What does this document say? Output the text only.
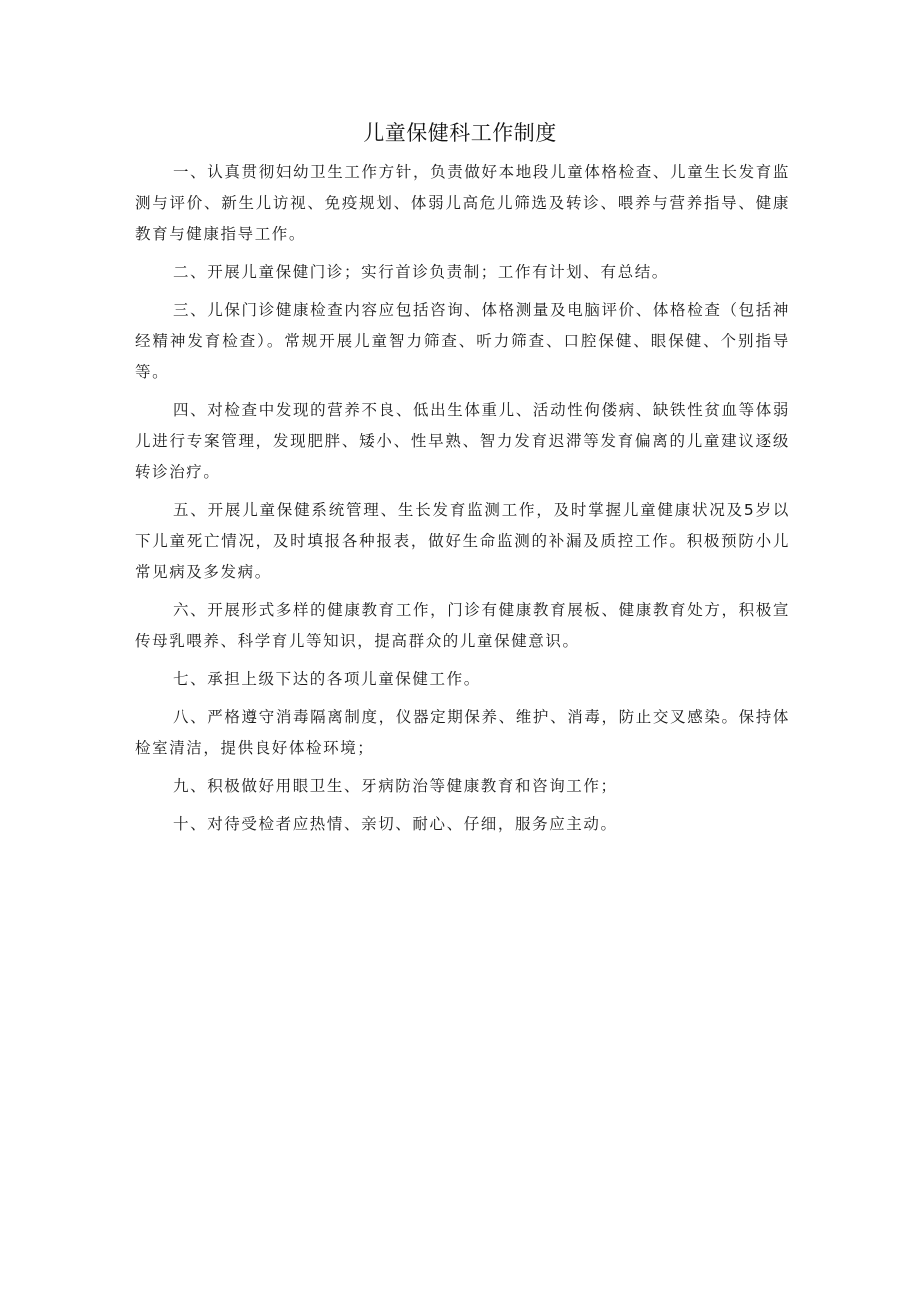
儿童保健科工作制度

一、认真贯彻妇幼卫生工作方针，负责做好本地段儿童体格检查、儿童生长发育监测与评价、新生儿访视、免疫规划、体弱儿高危儿筛选及转诊、喂养与营养指导、健康教育与健康指导工作。

二、开展儿童保健门诊；实行首诊负责制；工作有计划、有总结。

三、儿保门诊健康检查内容应包括咨询、体格测量及电脑评价、体格检查（包括神经精神发育检查）。常规开展儿童智力筛查、听力筛查、口腔保健、眼保健、个别指导等。

四、对检查中发现的营养不良、低出生体重儿、活动性佝偻病、缺铁性贫血等体弱儿进行专案管理，发现肥胖、矮小、性早熟、智力发育迟滞等发育偏离的儿童建议逐级转诊治疗。

五、开展儿童保健系统管理、生长发育监测工作，及时掌握儿童健康状况及5岁以下儿童死亡情况，及时填报各种报表，做好生命监测的补漏及质控工作。积极预防小儿常见病及多发病。

六、开展形式多样的健康教育工作，门诊有健康教育展板、健康教育处方，积极宣传母乳喂养、科学育儿等知识，提高群众的儿童保健意识。

七、承担上级下达的各项儿童保健工作。

八、严格遵守消毒隔离制度，仪器定期保养、维护、消毒，防止交叉感染。保持体检室清洁，提供良好体检环境；

九、积极做好用眼卫生、牙病防治等健康教育和咨询工作；

十、对待受检者应热情、亲切、耐心、仔细，服务应主动。
